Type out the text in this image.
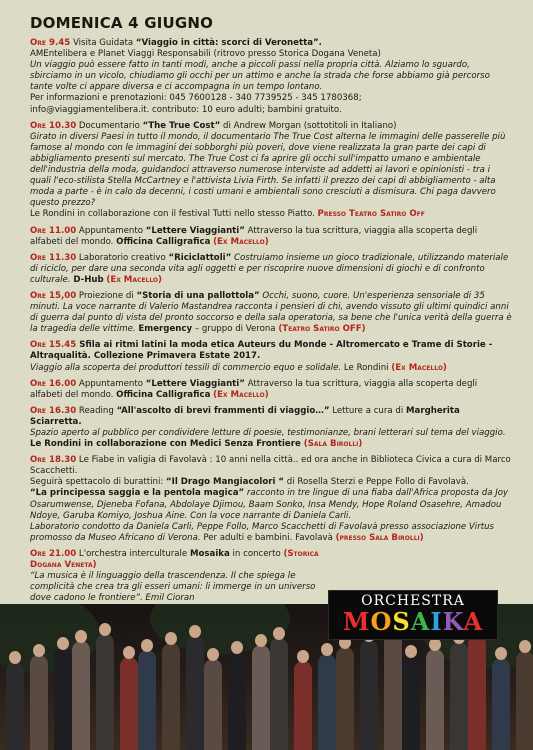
DOMENICA 4 GIUGNO

Ore 9.45 Visita Guidata “Viaggio in città: scorci di Veronetta”.

AMEntelibera e Planet Viaggi Responsabili (ritrovo presso Storica Dogana Veneta)

Un viaggio può essere fatto in tanti modi, anche a piccoli passi nella propria città. Alziamo lo sguardo, sbirciamo in un vicolo, chiudiamo gli occhi per un attimo e anche la strada che forse abbiamo già percorso tante volte ci appare diversa e ci accompagna in un tempo lontano.

Per informazioni e prenotazioni: 045 7600128 - 340 7739525 - 345 1780368;

info@viaggiamentelibera.it. contributo: 10 euro adulti; bambini gratuito.

Ore 10.30 Documentario “The True Cost” di Andrew Morgan (sottotitoli in Italiano)

Girato in diversi Paesi in tutto il mondo, il documentario The True Cost alterna le immagini delle passerelle più famose al mondo con le immagini dei sobborghi più poveri, dove viene realizzata la gran parte dei capi di abbigliamento presenti sul mercato. The True Cost ci fa aprire gli occhi sull'impatto umano e ambientale dell'industria della moda, guidandoci attraverso numerose interviste ad addetti ai lavori e opinionisti - tra i quali l'eco-stilista Stella McCartney e l'attivista Livia Firth. Se infatti il prezzo dei capi di abbigliamento - alta moda a parte - è in calo da decenni, i costi umani e ambientali sono cresciuti a dismisura. Chi paga davvero questo prezzo?

Le Rondini in collaborazione con il festival Tutti nello stesso Piatto. Presso Teatro Satiro Off

Ore 11.00 Appuntamento “Lettere Viaggianti” Attraverso la tua scrittura, viaggia alla scoperta degli alfabeti del mondo. Officina Calligrafica (Ex Macello)

Ore 11.30 Laboratorio creativo “Riciclattoli” Costruiamo insieme un gioco tradizionale, utilizzando materiale di riciclo, per dare una seconda vita agli oggetti e per riscoprire nuove dimensioni di giochi e di confronto culturale. D-Hub (Ex Macello)

Ore 15,00 Proiezione di “Storia di una pallottola” Occhi, suono, cuore. Un'esperienza sensoriale di 35 minuti. La voce narrante di Valerio Mastandrea racconta i pensieri di chi, avendo vissuto gli ultimi quindici anni di guerra dal punto di vista del pronto soccorso e della sala operatoria, sa bene che l'unica verità della guerra è la tragedia delle vittime. Emergency – gruppo di Verona (Teatro Satiro OFF)

Ore 15.45 Sfila ai ritmi latini la moda etica Auteurs du Monde - Altromercato e Trame di Storie - Altraqualità. Collezione Primavera Estate 2017.

Viaggio alla scoperta dei produttori tessili di commercio equo e solidale. Le Rondini (Ex Macello)

Ore 16.00 Appuntamento “Lettere Viaggianti” Attraverso la tua scrittura, viaggia alla scoperta degli alfabeti del mondo. Officina Calligrafica (Ex Macello)

Ore 16.30 Reading “All'ascolto di brevi frammenti di viaggio…” Letture a cura di Margherita Sciarretta.

Spazio aperto al pubblico per condividere letture di poesie, testimonianze, brani letterari sul tema del viaggio. Le Rondini in collaborazione con Medici Senza Frontiere (Sala Birolli)

Ore 18.30 Le Fiabe in valigia di Favolavà : 10 anni nella città.. ed ora anche in Biblioteca Civica a cura di Marco Scacchetti.

Seguirà spettacolo di burattini: “Il Drago Mangiacolori “ di Rosella Sterzi e Peppe Follo di Favolavà.

“La principessa saggia e la pentola magica” racconto in tre lingue di una fiaba dall'Africa proposta da Joy Osarumwense, Djeneba Fofana, Abdolaye Djimou, Baam Sonko, Insa Mendy, Hope Roland Osasehre, Amadou Ndoye, Garuba Komiyo, Joshua Aine. Con la voce narrante di Daniela Carli.

Laboratorio condotto da Daniela Carli, Peppe Follo, Marco Scacchetti di Favolavà presso associazione Virtus promosso da Museo Africano di Verona. Per adulti e bambini. Favolavà (presso Sala Birolli)

Ore 21.00 L'orchestra interculturale Mosaika in concerto (Storica Dogana Veneta)

“La musica è il linguaggio della trascendenza. Il che spiega le complicità che crea tra gli esseri umani: li immerge in un universo dove cadono le frontiere”. Emil Cioran	ORCHESTRA
MOSAIKA
